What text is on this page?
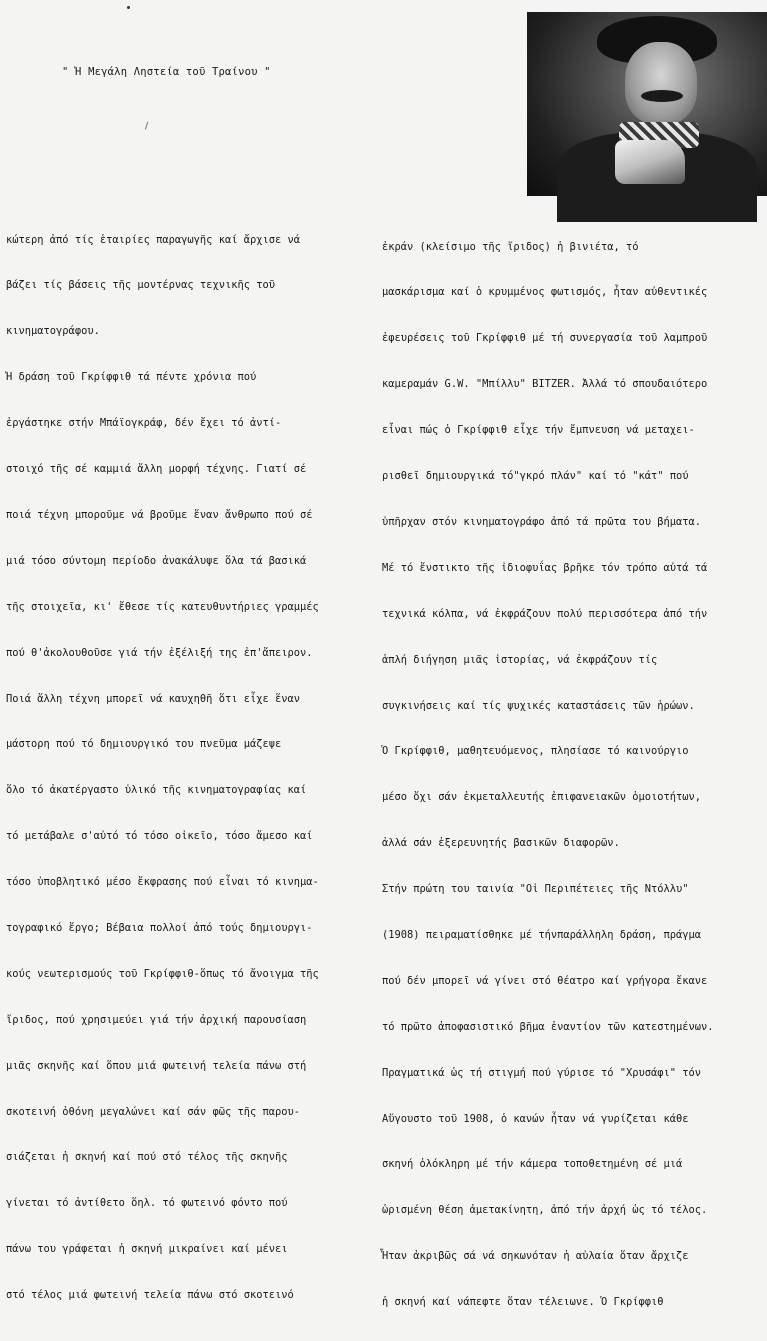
" Ἡ Μεγάλη Ληστεία τοῦ Τραίνου "

κώτερη ἀπό τίς ἑταιρίες παραγωγῆς καί ἄρχισε νά

βάζει τίς βάσεις τῆς μοντέρνας τεχνικῆς τοῦ

κινηματογράφου.

Ἡ δράση τοῦ Γκρίφφιθ τά πέντε χρόνια πού

ἐργάστηκε στήν Μπάϊογκράφ, δέν ἔχει τό ἀντί-

στοιχό τῆς σέ καμμιά ἄλλη μορφή τέχνης. Γιατί σέ

ποιά τέχνη μποροῦμε νά βροῦμε ἕναν ἄνθρωπο πού σέ

μιά τόσο σύντομη περίοδο ἀνακάλυψε ὅλα τά βασικά

τῆς στοιχεῖα, κι' ἔθεσε τίς κατευθυντήριες γραμμές

πού θ'ἀκολουθοῦσε γιά τήν ἐξέλιξή της ἐπ'ἄπειρον.

Ποιά ἄλλη τέχνη μπορεῖ νά καυχηθῆ ὅτι εἶχε ἕναν

μάστορη πού τό δημιουργικό του πνεῦμα μάζεψε

ὅλο τό ἀκατέργαστο ὑλικό τῆς κινηματογραφίας καί

τό μετάβαλε σ'αὐτό τό τόσο οἰκεῖο, τόσο ἄμεσο καί

τόσο ὑποβλητικό μέσο ἔκφρασης πού εἶναι τό κινημα-

τογραφικό ἔργο; Βέβαια πολλοί ἀπό τούς δημιουργι-

κούς νεωτερισμούς τοῦ Γκρίφφιθ-ὅπως τό ἄνοιγμα τῆς

ἴριδος, πού χρησιμεύει γιά τήν ἀρχική παρουσίαση

μιᾶς σκηνῆς καί ὅπου μιά φωτεινή τελεία πάνω στή

σκοτεινή ὀθόνη μεγαλώνει καί σάν φῶς τῆς παρου-

σιάζεται ἡ σκηνή καί πού στό τέλος τῆς σκηνῆς

γίνεται τό ἀντίθετο ὅηλ. τό φωτεινό φόντο πού

πάνω του γράφεται ἡ σκηνή μικραίνει καί μένει

στό τέλος μιά φωτεινή τελεία πάνω στό σκοτεινό

ἐκράν (κλείσιμο τῆς ἴριδος) ἡ βινιέτα, τό

μασκάρισμα καί ὁ κρυμμένος φωτισμός, ἦταν αὐθεντικές

ἐφευρέσεις τοῦ Γκρίφφιθ μέ τή συνεργασία τοῦ λαμπροῦ

καμεραμάν G.W. "Μπίλλυ" BITZER. Ἀλλά τό σπουδαιότερο

εἶναι πώς ὁ Γκρίφφιθ εἶχε τήν ἔμπνευση νά μεταχει-

ρισθεῖ δημιουργικά τό"γκρό πλάν" καί τό "κάτ" πού

ὑπῆρχαν στόν κινηματογράφο ἀπό τά πρῶτα του βήματα.

Μέ τό ἔνστικτο τῆς ἰδιοφυΐας βρῆκε τόν τρόπο αὐτά τά

τεχνικά κόλπα, νά ἐκφράζουν πολύ περισσότερα ἀπό τήν

ἁπλή διήγηση μιᾶς ἱστορίας, νά ἐκφράζουν τίς

συγκινήσεις καί τίς ψυχικές καταστάσεις τῶν ἡρώων.

Ὁ Γκρίφφιθ, μαθητευόμενος, πλησίασε τό καινούργιο

μέσο ὄχι σάν ἐκμεταλλευτής ἐπιφανειακῶν ὁμοιοτήτων,

ἀλλά σάν ἐξερευνητής βασικῶν διαφορῶν.

Στήν πρώτη του ταινία "Οἱ Περιπέτειες τῆς Ντόλλυ"

(1908) πειραματίσθηκε μέ τήνπαράλληλη δράση, πράγμα

πού δέν μπορεῖ νά γίνει στό θέατρο καί γρήγορα ἔκανε

τό πρῶτο ἀποφασιστικό βῆμα ἐναντίον τῶν κατεστημένων.

Πραγματικά ὡς τή στιγμή πού γύρισε τό "Χρυσάφι" τόν

Αὔγουστο τοῦ 1908, ὁ κανών ἦταν νά γυρίζεται κάθε

σκηνή ὁλόκληρη μέ τήν κάμερα τοποθετημένη σέ μιά

ὡρισμένη θέση ἀμετακίνητη, ἀπό τήν ἀρχή ὡς τό τέλος.

Ἦταν ἀκριβῶς σά νά σηκωνόταν ἡ αὐλαία ὅταν ἄρχιζε

ἡ σκηνή καί νάπεφτε ὅταν τέλειωνε. Ὁ Γκρίφφιθ
